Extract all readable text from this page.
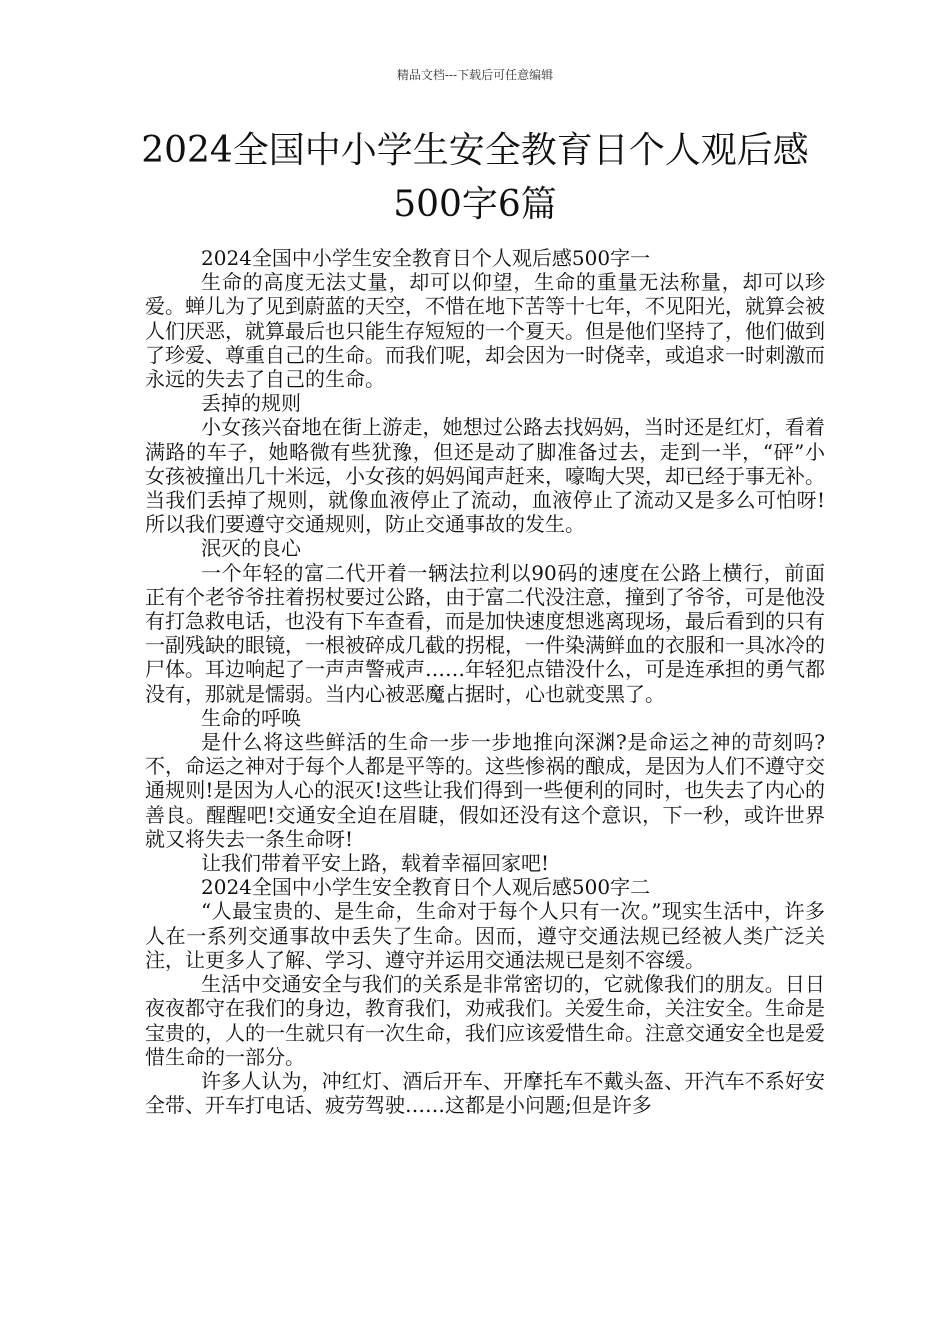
精品文档---下载后可任意编辑
2024全国中小学生安全教育日个人观后感
500字6篇

2024全国中小学生安全教育日个人观后感500字一

生命的高度无法丈量，却可以仰望，生命的重量无法称量，却可以珍爱。蝉儿为了见到蔚蓝的天空，不惜在地下苦等十七年，不见阳光，就算会被人们厌恶，就算最后也只能生存短短的一个夏天。但是他们坚持了，他们做到了珍爱、尊重自己的生命。而我们呢，却会因为一时侥幸，或追求一时刺激而永远的失去了自己的生命。

丢掉的规则

小女孩兴奋地在街上游走，她想过公路去找妈妈，当时还是红灯，看着满路的车子，她略微有些犹豫，但还是动了脚准备过去，走到一半，“砰”小女孩被撞出几十米远，小女孩的妈妈闻声赶来，嚎啕大哭，却已经于事无补。当我们丢掉了规则，就像血液停止了流动，血液停止了流动又是多么可怕呀!所以我们要遵守交通规则，防止交通事故的发生。

泯灭的良心

一个年轻的富二代开着一辆法拉利以90码的速度在公路上横行，前面正有个老爷爷拄着拐杖要过公路，由于富二代没注意，撞到了爷爷，可是他没有打急救电话，也没有下车查看，而是加快速度想逃离现场，最后看到的只有一副残缺的眼镜，一根被碎成几截的拐棍，一件染满鲜血的衣服和一具冰冷的尸体。耳边响起了一声声警戒声……年轻犯点错没什么，可是连承担的勇气都没有，那就是懦弱。当内心被恶魔占据时，心也就变黑了。

生命的呼唤

是什么将这些鲜活的生命一步一步地推向深渊?是命运之神的苛刻吗?不，命运之神对于每个人都是平等的。这些惨祸的酿成，是因为人们不遵守交通规则!是因为人心的泯灭!这些让我们得到一些便利的同时，也失去了内心的善良。醒醒吧!交通安全迫在眉睫，假如还没有这个意识，下一秒，或许世界就又将失去一条生命呀!

让我们带着平安上路，载着幸福回家吧!

2024全国中小学生安全教育日个人观后感500字二

“人最宝贵的、是生命，生命对于每个人只有一次。”现实生活中，许多人在一系列交通事故中丢失了生命。因而，遵守交通法规已经被人类广泛关注，让更多人了解、学习、遵守并运用交通法规已是刻不容缓。

生活中交通安全与我们的关系是非常密切的，它就像我们的朋友。日日夜夜都守在我们的身边，教育我们，劝戒我们。关爱生命，关注安全。生命是宝贵的，人的一生就只有一次生命，我们应该爱惜生命。注意交通安全也是爱惜生命的一部分。

许多人认为，冲红灯、酒后开车、开摩托车不戴头盔、开汽车不系好安全带、开车打电话、疲劳驾驶……这都是小问题;但是许多
